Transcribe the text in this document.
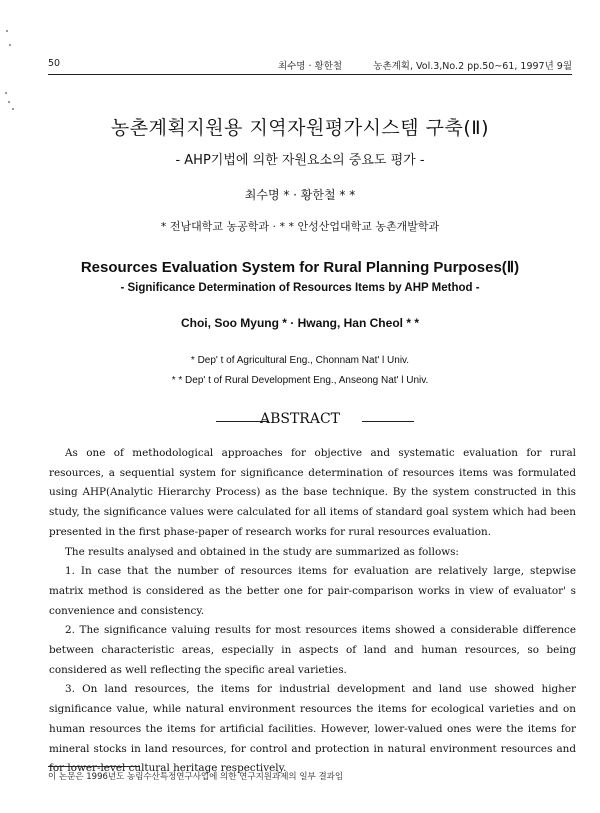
50	최수명 · 황한철	농촌계획, Vol.3,No.2 pp.50~61, 1997년 9월
농촌계획지원용 지역자원평가시스템 구축(Ⅱ)
- AHP기법에 의한 자원요소의 중요도 평가 -
최수명 * · 황한철 * *
* 전남대학교 농공학과 · * * 안성산업대학교 농촌개발학과
Resources Evaluation System for Rural Planning Purposes(Ⅱ)
- Significance Determination of Resources Items by AHP Method -
Choi, Soo Myung * · Hwang, Han Cheol * *
* Dep' t of Agricultural Eng., Chonnam Nat' l Univ.
* * Dep' t of Rural Development Eng., Anseong Nat' l Univ.
ABSTRACT

As one of methodological approaches for objective and systematic evaluation for rural resources, a sequential system for significance determination of resources items was formulated using AHP(Analytic Hierarchy Process) as the base technique. By the system constructed in this study, the significance values were calculated for all items of standard goal system which had been presented in the first phase-paper of research works for rural resources evaluation.

The results analysed and obtained in the study are summarized as follows:

1. In case that the number of resources items for evaluation are relatively large, stepwise matrix method is considered as the better one for pair-comparison works in view of evaluator' s convenience and consistency.

2. The significance valuing results for most resources items showed a considerable difference between characteristic areas, especially in aspects of land and human resources, so being considered as well reflecting the specific areal varieties.

3. On land resources, the items for industrial development and land use showed higher significance value, while natural environment resources the items for ecological varieties and on human resources the items for artificial facilities. However, lower-valued ones were the items for mineral stocks in land resources, for control and protection in natural environment resources and for lower-level cultural heritage respectively.

이 논문은 1996년도 농림수산특정연구사업에 의한 연구지원과제의 일부 결과임
